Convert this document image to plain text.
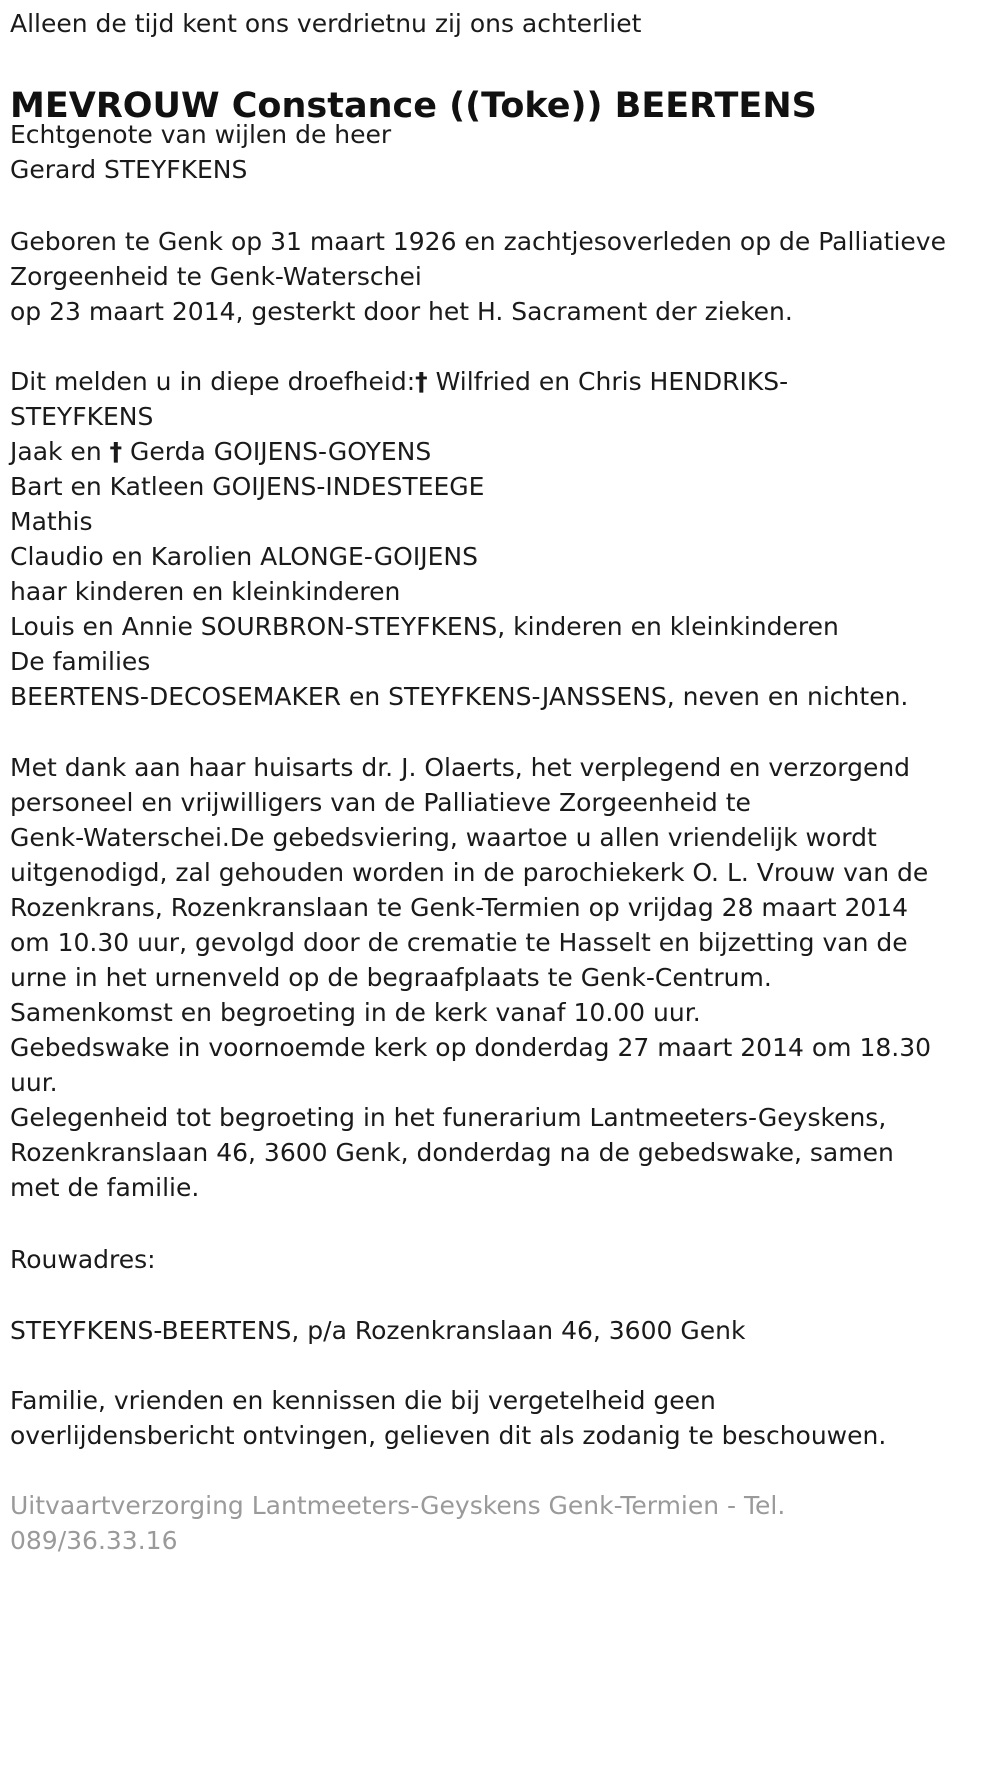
Alleen de tijd kent ons verdrietnu zij ons achterliet

MEVROUW Constance ((Toke)) BEERTENS

Echtgenote van wijlen de heer

Gerard STEYFKENS

Geboren te Genk op 31 maart 1926 en zachtjesoverleden op de Palliatieve

Zorgeenheid te Genk-Waterschei

op 23 maart 2014, gesterkt door het H. Sacrament der zieken.

Dit melden u in diepe droefheid:† Wilfried en Chris HENDRIKS-

STEYFKENS

Jaak en † Gerda GOIJENS-GOYENS

Bart en Katleen GOIJENS-INDESTEEGE

Mathis

Claudio en Karolien ALONGE-GOIJENS

haar kinderen en kleinkinderen

Louis en Annie SOURBRON-STEYFKENS, kinderen en kleinkinderen

De families

BEERTENS-DECOSEMAKER en STEYFKENS-JANSSENS, neven en nichten.

Met dank aan haar huisarts dr. J. Olaerts, het verplegend en verzorgend

personeel en vrijwilligers van de Palliatieve Zorgeenheid te

Genk-Waterschei.De gebedsviering, waartoe u allen vriendelijk wordt

uitgenodigd, zal gehouden worden in de parochiekerk O. L. Vrouw van de

Rozenkrans, Rozenkranslaan te Genk-Termien op vrijdag 28 maart 2014

om 10.30 uur, gevolgd door de crematie te Hasselt en bijzetting van de

urne in het urnenveld op de begraafplaats te Genk-Centrum.

Samenkomst en begroeting in de kerk vanaf 10.00 uur.

Gebedswake in voornoemde kerk op donderdag 27 maart 2014 om 18.30

uur.

Gelegenheid tot begroeting in het funerarium Lantmeeters-Geyskens,

Rozenkranslaan 46, 3600 Genk, donderdag na de gebedswake, samen

met de familie.

Rouwadres:

STEYFKENS-BEERTENS, p/a Rozenkranslaan 46, 3600 Genk

Familie, vrienden en kennissen die bij vergetelheid geen

overlijdensbericht ontvingen, gelieven dit als zodanig te beschouwen.

Uitvaartverzorging Lantmeeters-Geyskens Genk-Termien - Tel.

089/36.33.16
